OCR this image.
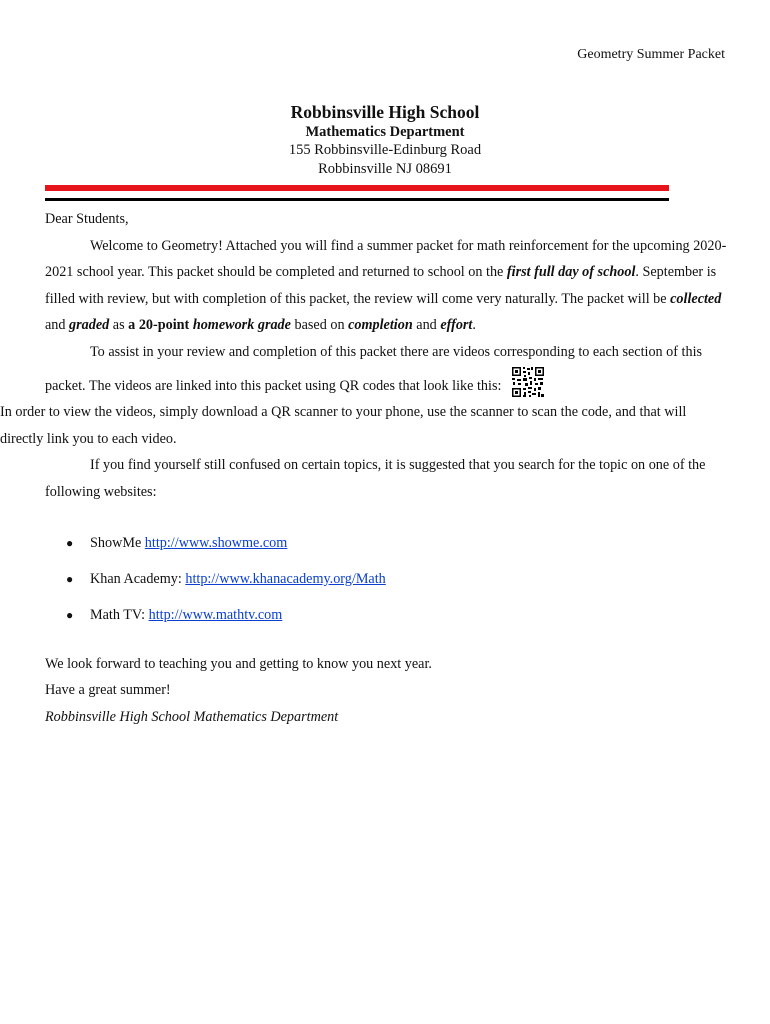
Geometry Summer Packet
Robbinsville High School
Mathematics Department
155 Robbinsville-Edinburg Road
Robbinsville NJ 08691

Dear Students,

Welcome to Geometry! Attached you will find a summer packet for math reinforcement for the upcoming 2020-2021 school year. This packet should be completed and returned to school on the first full day of school. September is filled with review, but with completion of this packet, the review will come very naturally. The packet will be collected and graded as a 20-point homework grade based on completion and effort.

To assist in your review and completion of this packet there are videos corresponding to each section of this packet. The videos are linked into this packet using QR codes that look like this:

In order to view the videos, simply download a QR scanner to your phone, use the scanner to scan the code, and that will directly link you to each video.

If you find yourself still confused on certain topics, it is suggested that you search for the topic on one of the following websites:

● ShowMe http://www.showme.com
● Khan Academy: http://www.khanacademy.org/Math
● Math TV: http://www.mathtv.com

We look forward to teaching you and getting to know you next year.

Have a great summer!

Robbinsville High School Mathematics Department
